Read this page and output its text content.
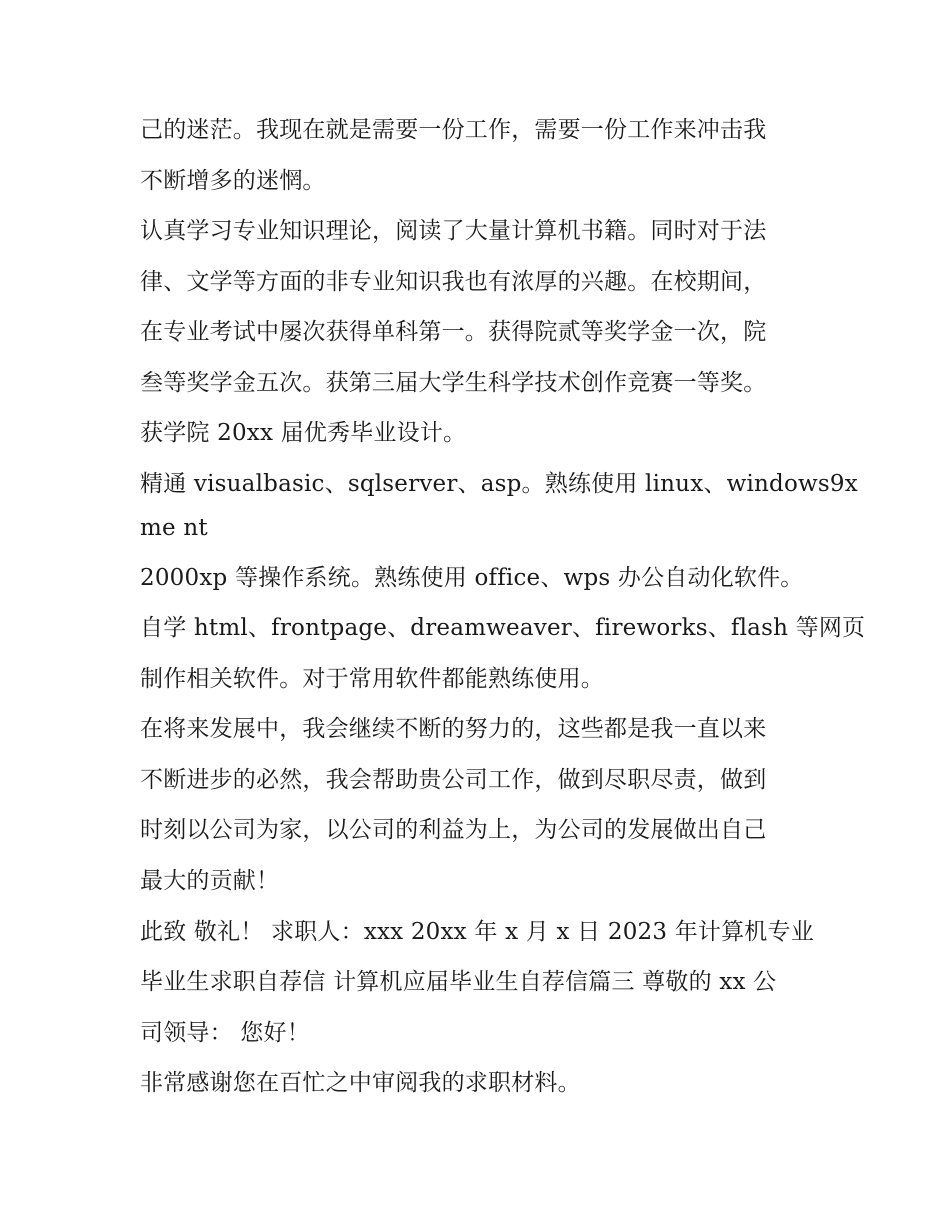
己的迷茫。我现在就是需要一份工作，需要一份工作来冲击我
不断增多的迷惘。
认真学习专业知识理论，阅读了大量计算机书籍。同时对于法
律、文学等方面的非专业知识我也有浓厚的兴趣。在校期间，
在专业考试中屡次获得单科第一。获得院贰等奖学金一次，院
叁等奖学金五次。获第三届大学生科学技术创作竞赛一等奖。
获学院 20xx 届优秀毕业设计。
精通 visualbasic、sqlserver、asp。熟练使用 linux、windows9x
me nt
2000xp 等操作系统。熟练使用 office、wps 办公自动化软件。
自学 html、frontpage、dreamweaver、fireworks、flash 等网页
制作相关软件。对于常用软件都能熟练使用。
在将来发展中，我会继续不断的努力的，这些都是我一直以来
不断进步的必然，我会帮助贵公司工作，做到尽职尽责，做到
时刻以公司为家，以公司的利益为上，为公司的发展做出自己
最大的贡献！
此致 敬礼！ 求职人：xxx 20xx 年 x 月 x 日 2023 年计算机专业
毕业生求职自荐信 计算机应届毕业生自荐信篇三 尊敬的 xx 公
司领导： 您好！
非常感谢您在百忙之中审阅我的求职材料。
